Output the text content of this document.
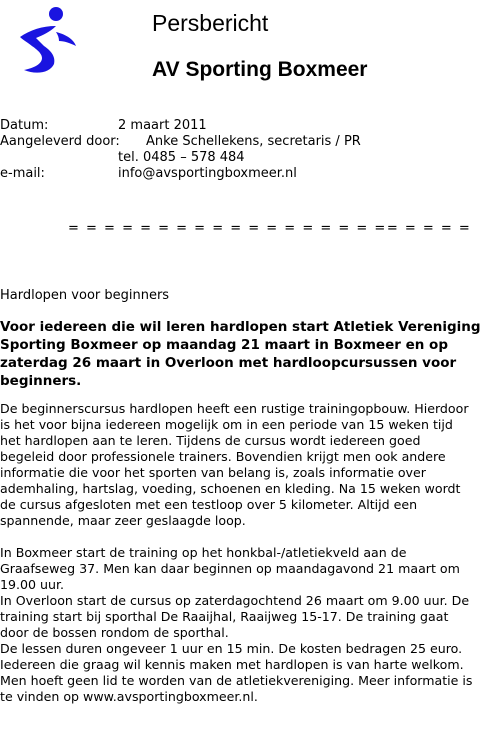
Persbericht
AV Sporting Boxmeer
Datum:	2 maart 2011
Aangeleverd door: Anke Schellekens, secretaris / PR
tel. 0485 – 578 484
e-mail:	info@avsportingboxmeer.nl
= = = = = = = = = = = = = = = = = == = = = =
Hardlopen voor beginners

Voor iedereen die wil leren hardlopen start Atletiek Vereniging Sporting Boxmeer op maandag 21 maart in Boxmeer en op zaterdag 26 maart in Overloon met hardloopcursussen voor beginners.

De beginnerscursus hardlopen heeft een rustige trainingopbouw. Hierdoor
is het voor bijna iedereen mogelijk om in een periode van 15 weken tijd
het hardlopen aan te leren. Tijdens de cursus wordt iedereen goed
begeleid door professionele trainers. Bovendien krijgt men ook andere
informatie die voor het sporten van belang is, zoals informatie over
ademhaling, hartslag, voeding, schoenen en kleding. Na 15 weken wordt
de cursus afgesloten met een testloop over 5 kilometer. Altijd een
spannende, maar zeer geslaagde loop.
In Boxmeer start de training op het honkbal-/atletiekveld aan de
Graafseweg 37. Men kan daar beginnen op maandagavond 21 maart om
19.00 uur.
In Overloon start de cursus op zaterdagochtend 26 maart om 9.00 uur. De
training start bij sporthal De Raaijhal, Raaijweg 15-17. De training gaat
door de bossen rondom de sporthal.
De lessen duren ongeveer 1 uur en 15 min. De kosten bedragen 25 euro.
Iedereen die graag wil kennis maken met hardlopen is van harte welkom.
Men hoeft geen lid te worden van de atletiekvereniging. Meer informatie is
te vinden op www.avsportingboxmeer.nl.
